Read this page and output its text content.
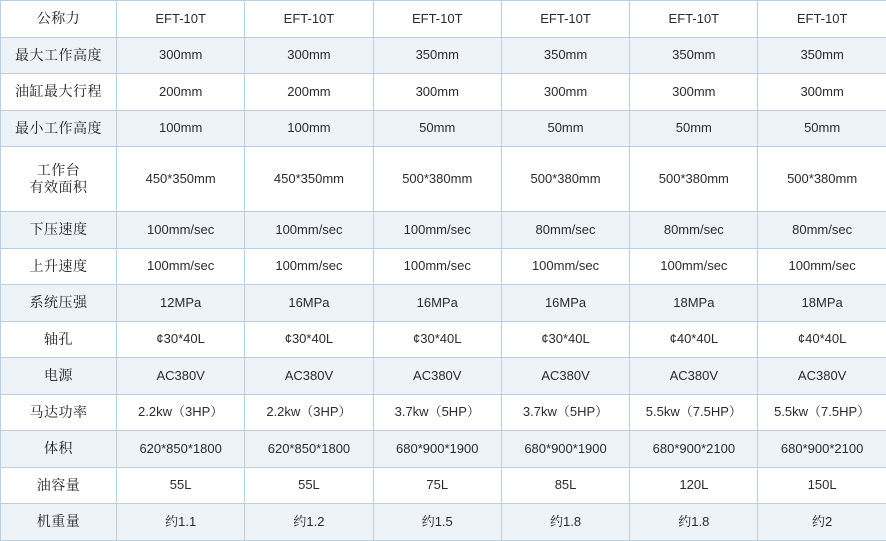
公称力	EFT-10T	EFT-10T	EFT-10T	EFT-10T	EFT-10T	EFT-10T
最大工作高度	300mm	300mm	350mm	350mm	350mm	350mm
油缸最大行程	200mm	200mm	300mm	300mm	300mm	300mm
最小工作高度	100mm	100mm	50mm	50mm	50mm	50mm

工作台
有效面积	450*350mm	450*350mm	500*380mm	500*380mm	500*380mm	500*380mm
下压速度	100mm/sec	100mm/sec	100mm/sec	80mm/sec	80mm/sec	80mm/sec
上升速度	100mm/sec	100mm/sec	100mm/sec	100mm/sec	100mm/sec	100mm/sec
系统压强	12MPa	16MPa	16MPa	16MPa	18MPa	18MPa
轴孔	¢30*40L	¢30*40L	¢30*40L	¢30*40L	¢40*40L	¢40*40L
电源	AC380V	AC380V	AC380V	AC380V	AC380V	AC380V
马达功率	2.2kw（3HP）	2.2kw（3HP）	3.7kw（5HP）	3.7kw（5HP）	5.5kw（7.5HP）	5.5kw（7.5HP）
体积	620*850*1800	620*850*1800	680*900*1900	680*900*1900	680*900*2100	680*900*2100
油容量	55L	55L	75L	85L	120L	150L
机重量	约1.1	约1.2	约1.5	约1.8	约1.8	约2
